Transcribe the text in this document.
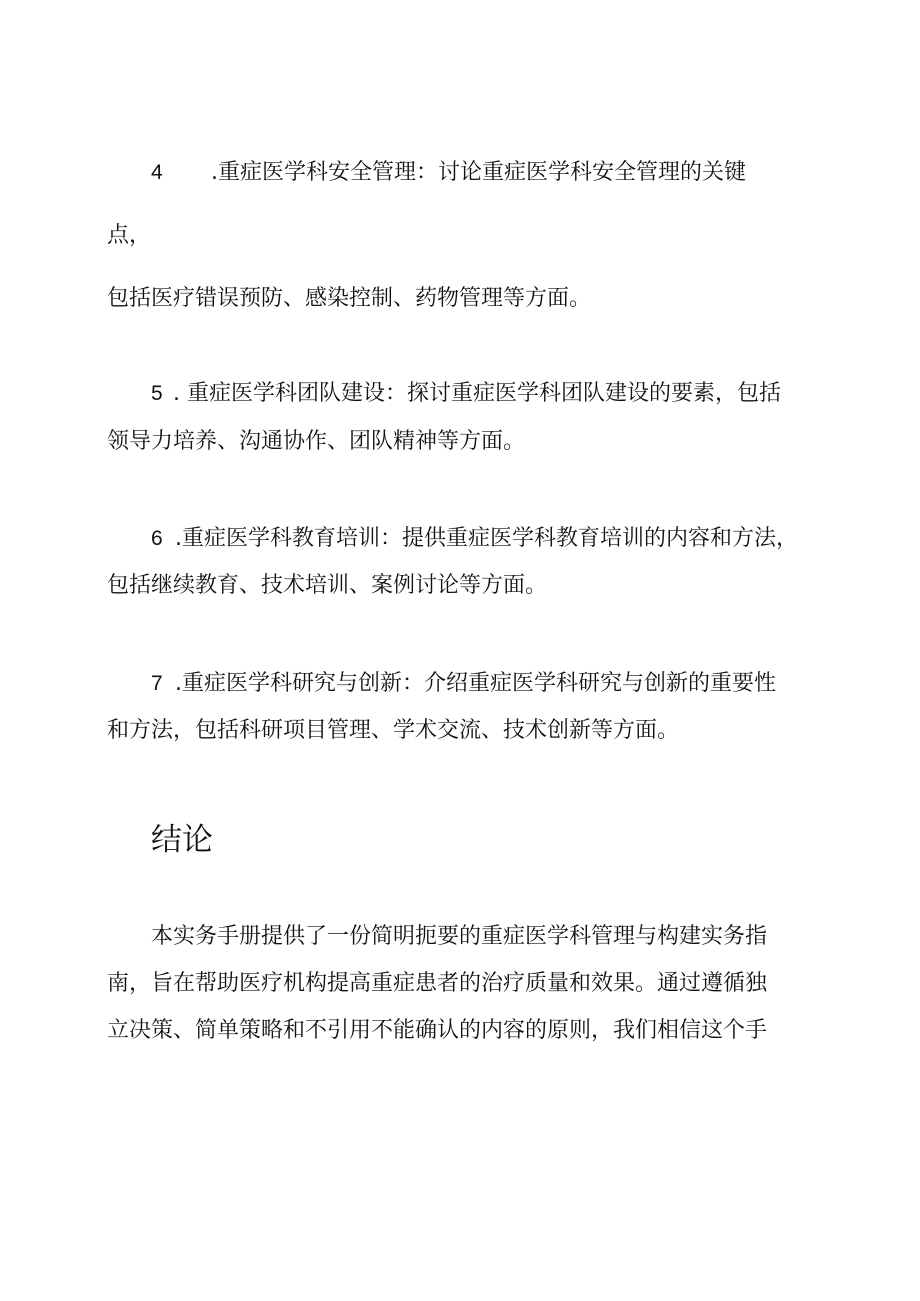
4 .重症医学科安全管理：讨论重症医学科安全管理的关键
点，
包括医疗错误预防、感染控制、药物管理等方面。
5 . 重症医学科团队建设：探讨重症医学科团队建设的要素，包括
领导力培养、沟通协作、团队精神等方面。
6 .重症医学科教育培训：提供重症医学科教育培训的内容和方法，
包括继续教育、技术培训、案例讨论等方面。
7 .重症医学科研究与创新：介绍重症医学科研究与创新的重要性
和方法，包括科研项目管理、学术交流、技术创新等方面。
结论
本实务手册提供了一份简明扼要的重症医学科管理与构建实务指
南，旨在帮助医疗机构提高重症患者的治疗质量和效果。通过遵循独
立决策、简单策略和不引用不能确认的内容的原则，我们相信这个手
